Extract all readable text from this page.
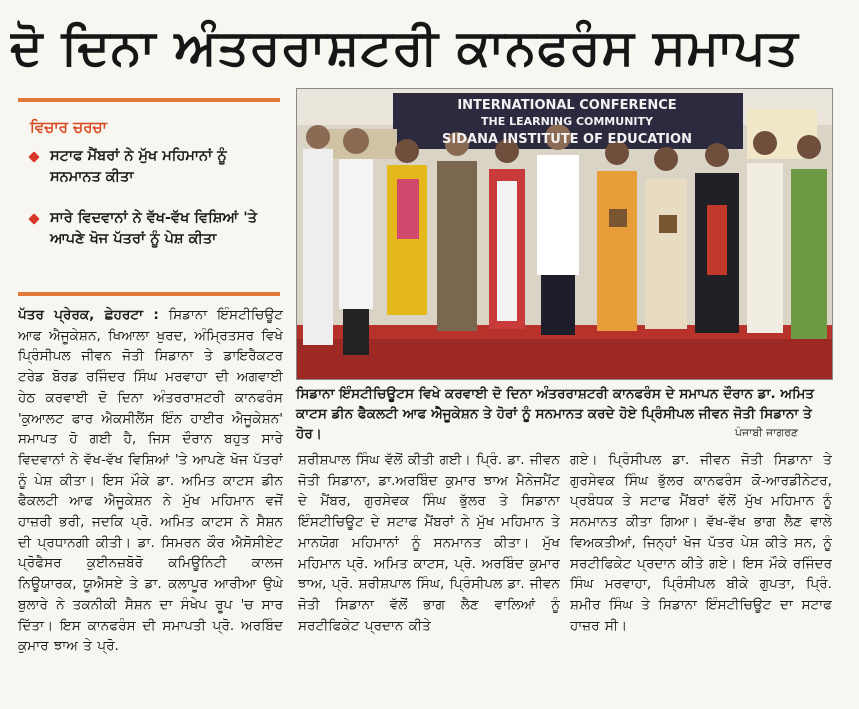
ਦੋ ਦਿਨਾ ਅੰਤਰਰਾਸ਼ਟਰੀ ਕਾਨਫਰੰਸ ਸਮਾਪਤ
ਵਿਚਾਰ ਚਰਚਾ
ਸਟਾਫ ਮੈਂਬਰਾਂ ਨੇ ਮੁੱਖ ਮਹਿਮਾਨਾਂ ਨੂੰ ਸਨਮਾਨਤ ਕੀਤਾ
ਸਾਰੇ ਵਿਦਵਾਨਾਂ ਨੇ ਵੱਖ-ਵੱਖ ਵਿਸ਼ਿਆਂ 'ਤੇ ਆਪਣੇ ਖੋਜ ਪੱਤਰਾਂ ਨੂੰ ਪੇਸ਼ ਕੀਤਾ
ਪੱਤਰ ਪ੍ਰੇਰਕ, ਛੇਹਰਟਾ : ਸਿਡਾਨਾ ਇੰਸਟੀਚਿਊਟ ਆਫ ਐਜੂਕੇਸ਼ਨ, ਖਿਆਲਾ ਖੁਰਦ, ਅੰਮ੍ਰਿਤਸਰ ਵਿਖੇ ਪ੍ਰਿੰਸੀਪਲ ਜੀਵਨ ਜੋਤੀ ਸਿਡਾਨਾ ਤੇ ਡਾਇਰੈਕਟਰ ਟਰੇਡ ਬੋਰਡ ਰਜਿੰਦਰ ਸਿੰਘ ਮਰਵਾਹਾ ਦੀ ਅਗਵਾਈ ਹੇਠ ਕਰਵਾਈ ਦੋ ਦਿਨਾ ਅੰਤਰਰਾਸ਼ਟਰੀ ਕਾਨਫਰੰਸ 'ਕੁਆਲਟ ਫਾਰ ਐਕਸੀਲੈਂਸ ਇੰਨ ਹਾਈਰ ਐਜੂਕੇਸ਼ਨ' ਸਮਾਪਤ ਹੋ ਗਈ ਹੈ, ਜਿਸ ਦੌਰਾਨ ਬਹੁਤ ਸਾਰੇ ਵਿਦਵਾਨਾਂ ਨੇ ਵੱਖ-ਵੱਖ ਵਿਸ਼ਿਆਂ 'ਤੇ ਆਪਣੇ ਖੋਜ ਪੱਤਰਾਂ ਨੂੰ ਪੇਸ਼ ਕੀਤਾ। ਇਸ ਮੌਕੇ ਡਾ. ਅਮਿਤ ਕਾਟਸ ਡੀਨ ਫੈਕਲਟੀ ਆਫ ਐਜੂਕੇਸ਼ਨ ਨੇ ਮੁੱਖ ਮਹਿਮਾਨ ਵਜੋਂ ਹਾਜ਼ਰੀ ਭਰੀ, ਜਦਕਿ ਪ੍ਰੋ. ਅਮਿਤ ਕਾਟਸ ਨੇ ਸੈਸ਼ਨ ਦੀ ਪ੍ਰਧਾਨਗੀ ਕੀਤੀ। ਡਾ. ਸਿਮਰਨ ਕੌਰ ਐਸੋਸੀਏਟ ਪ੍ਰੋਫੈਸਰ ਕੁਈਨਜ਼ਬੋਰੋ ਕਮਿਊਨਿਟੀ ਕਾਲਜ ਨਿਊਯਾਰਕ, ਯੂਐਸਏ ਤੇ ਡਾ. ਕਲਾਪੂਰ ਆਰੀਆ ਉਘੇ ਬੁਲਾਰੇ ਨੇ ਤਕਨੀਕੀ ਸੈਸ਼ਨ ਦਾ ਸੰਖੇਪ ਰੂਪ 'ਚ ਸਾਰ ਦਿੱਤਾ। ਇਸ ਕਾਨਫਰੰਸ ਦੀ ਸਮਾਪਤੀ ਪ੍ਰੋ. ਅਰਬਿੰਦ ਕੁਮਾਰ ਝਾਅ ਤੇ ਪ੍ਰੋ.
INTERNATIONAL CONFERENCE
THE LEARNING COMMUNITY
SIDANA INSTITUTE OF EDUCATION
ਸਿਡਾਨਾ ਇੰਸਟੀਚਿਊਟਸ ਵਿਖੇ ਕਰਵਾਈ ਦੋ ਦਿਨਾ ਅੰਤਰਰਾਸ਼ਟਰੀ ਕਾਨਫਰੰਸ ਦੇ ਸਮਾਪਨ ਦੌਰਾਨ ਡਾ. ਅਮਿਤ ਕਾਟਸ ਡੀਨ ਫੈਕਲਟੀ ਆਫ ਐਜੂਕੇਸ਼ਨ ਤੇ ਹੋਰਾਂ ਨੂੰ ਸਨਮਾਨਤ ਕਰਦੇ ਹੋਏ ਪ੍ਰਿੰਸੀਪਲ ਜੀਵਨ ਜੋਤੀ ਸਿਡਾਨਾ ਤੇ ਹੋਰ।	ਪੰਜਾਬੀ ਜਾਗਰਣ
ਸ਼ਰੀਸ਼ਪਾਲ ਸਿੰਘ ਵੱਲੋਂ ਕੀਤੀ ਗਈ। ਪ੍ਰਿੰ. ਡਾ. ਜੀਵਨ ਜੋਤੀ ਸਿਡਾਨਾ, ਡਾ.ਅਰਬਿੰਦ ਕੁਮਾਰ ਝਾਅ ਮੈਨੇਜਮੈਂਟ ਦੇ ਮੈਂਬਰ, ਗੁਰਸੇਵਕ ਸਿੰਘ ਭੁੱਲਰ ਤੇ ਸਿਡਾਨਾ ਇੰਸਟੀਚਿਊਟ ਦੇ ਸਟਾਫ ਮੈਂਬਰਾਂ ਨੇ ਮੁੱਖ ਮਹਿਮਾਨ ਤੇ ਮਾਨਯੋਗ ਮਹਿਮਾਨਾਂ ਨੂੰ ਸਨਮਾਨਤ ਕੀਤਾ। ਮੁੱਖ ਮਹਿਮਾਨ ਪ੍ਰੋ. ਅਮਿਤ ਕਾਟਸ, ਪ੍ਰੋ. ਅਰਬਿੰਦ ਕੁਮਾਰ ਝਾਅ, ਪ੍ਰੋ. ਸ਼ਰੀਸ਼ਪਾਲ ਸਿੰਘ, ਪ੍ਰਿੰਸੀਪਲ ਡਾ. ਜੀਵਨ ਜੋਤੀ ਸਿਡਾਨਾ ਵੱਲੋਂ ਭਾਗ ਲੈਣ ਵਾਲਿਆਂ ਨੂੰ ਸਰਟੀਫਿਕੇਟ ਪ੍ਰਦਾਨ ਕੀਤੇ
ਗਏ। ਪ੍ਰਿੰਸੀਪਲ ਡਾ. ਜੀਵਨ ਜੋਤੀ ਸਿਡਾਨਾ ਤੇ ਗੁਰਸੇਵਕ ਸਿੰਘ ਭੁੱਲਰ ਕਾਨਫਰੰਸ ਕੋ-ਆਰਡੀਨੇਟਰ, ਪ੍ਰਬੰਧਕ ਤੇ ਸਟਾਫ ਮੈਂਬਰਾਂ ਵੱਲੋਂ ਮੁੱਖ ਮਹਿਮਾਨ ਨੂੰ ਸਨਮਾਨਤ ਕੀਤਾ ਗਿਆ। ਵੱਖ-ਵੱਖ ਭਾਗ ਲੈਣ ਵਾਲੇ ਵਿਅਕਤੀਆਂ, ਜਿਨ੍ਹਾਂ ਖੋਜ ਪੱਤਰ ਪੇਸ਼ ਕੀਤੇ ਸਨ, ਨੂੰ ਸਰਟੀਫਿਕੇਟ ਪ੍ਰਦਾਨ ਕੀਤੇ ਗਏ। ਇਸ ਮੌਕੇ ਰਜਿੰਦਰ ਸਿੰਘ ਮਰਵਾਹਾ, ਪ੍ਰਿੰਸੀਪਲ ਬੀਕੇ ਗੁਪਤਾ, ਪ੍ਰਿੰ. ਸ਼ਮੀਰ ਸਿੰਘ ਤੇ ਸਿਡਾਨਾ ਇੰਸਟੀਚਿਊਟ ਦਾ ਸਟਾਫ ਹਾਜ਼ਰ ਸੀ।
